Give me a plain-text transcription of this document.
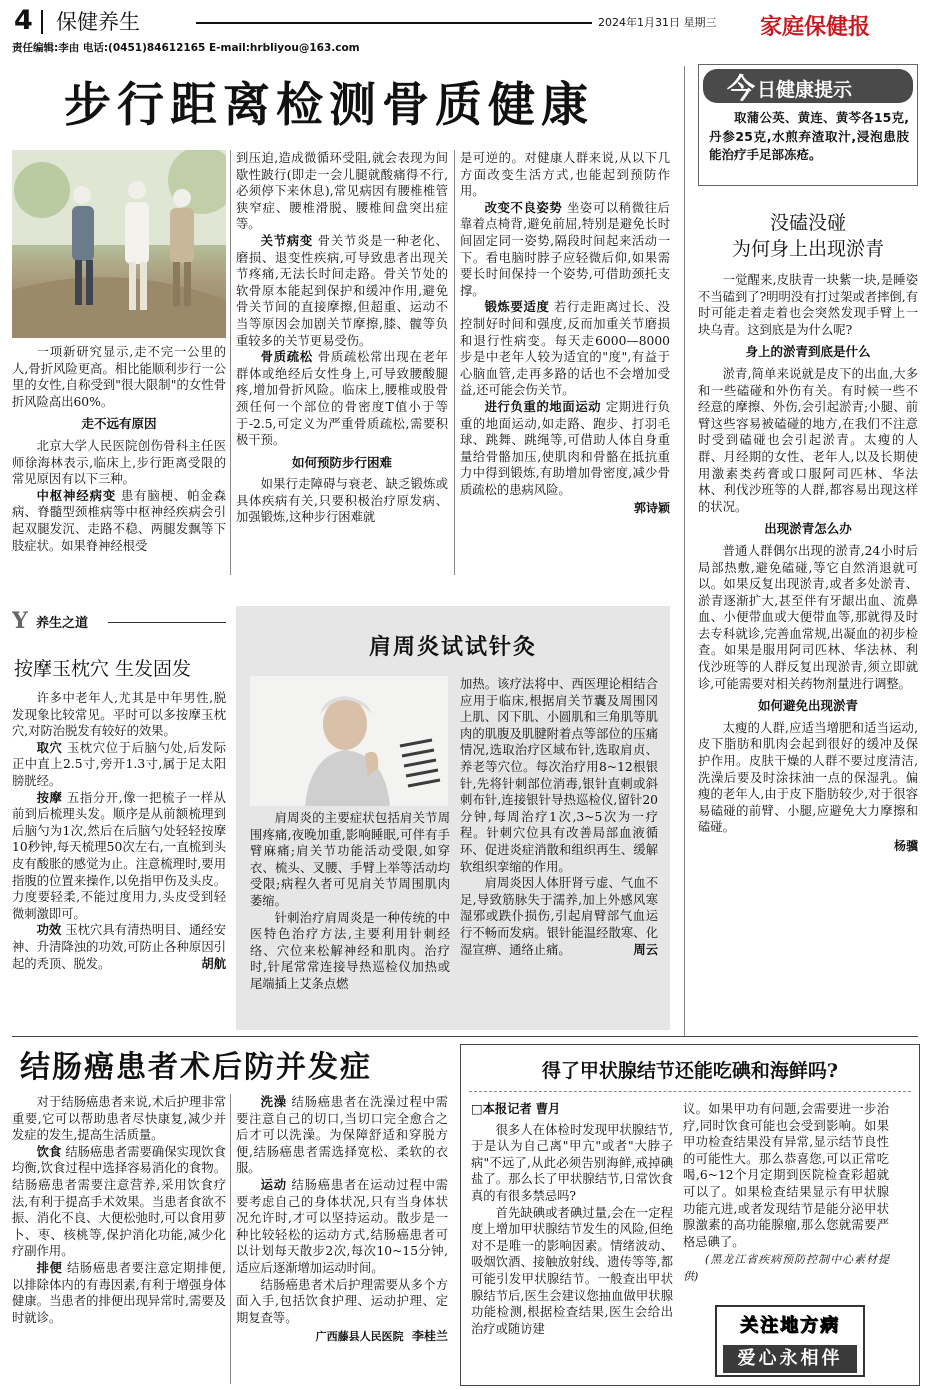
4 保健养生	2024年1月31日 星期三 家庭保健报
责任编辑:李由 电话:(0451)84612165 E-mail:hrbliyou@163.com
步行距离检测骨质健康

一项新研究显示,走不完一公里的人,骨折风险更高。相比能顺利步行一公里的女性,自称受到"很大限制"的女性骨折风险高出60%。

走不远有原因

北京大学人民医院创伤骨科主任医师徐海林表示,临床上,步行距离受限的常见原因有以下三种。

中枢神经病变 患有脑梗、帕金森病、脊髓型颈椎病等中枢神经疾病会引起双腿发沉、走路不稳、两腿发飘等下肢症状。如果脊神经根受

到压迫,造成微循环受阻,就会表现为间歇性跛行(即走一会儿腿就酸痛得不行,必须停下来休息),常见病因有腰椎椎管狭窄症、腰椎滑脱、腰椎间盘突出症等。

关节病变 骨关节炎是一种老化、磨损、退变性疾病,可导致患者出现关节疼痛,无法长时间走路。骨关节处的软骨原本能起到保护和缓冲作用,避免骨关节间的直接摩擦,但超重、运动不当等原因会加剧关节摩擦,膝、髋等负重较多的关节更易受伤。

骨质疏松 骨质疏松常出现在老年群体或绝经后女性身上,可导致腰酸腿疼,增加骨折风险。临床上,腰椎或股骨颈任何一个部位的骨密度T值小于等于-2.5,可定义为严重骨质疏松,需要积极干预。

如何预防步行困难

如果行走障碍与衰老、缺乏锻炼或具体疾病有关,只要积极治疗原发病、加强锻炼,这种步行困难就

是可逆的。对健康人群来说,从以下几方面改变生活方式,也能起到预防作用。

改变不良姿势 坐姿可以稍微往后靠着点椅背,避免前屈,特别是避免长时间固定同一姿势,隔段时间起来活动一下。看电脑时脖子应轻微后仰,如果需要长时间保持一个姿势,可借助颈托支撑。

锻炼要适度 若行走距离过长、没控制好时间和强度,反而加重关节磨损和退行性病变。每天走6000—8000步是中老年人较为适宜的"度",有益于心脑血管,走再多路的话也不会增加受益,还可能会伤关节。

进行负重的地面运动 定期进行负重的地面运动,如走路、跑步、打羽毛球、跳舞、跳绳等,可借助人体自身重量给骨骼加压,使肌肉和骨骼在抵抗重力中得到锻炼,有助增加骨密度,减少骨质疏松的患病风险。

郭诗颖
今 日健康提示
取蒲公英、黄连、黄芩各15克,丹参25克,水煎弃渣取汁,浸泡患肢能治疗手足部冻疮。
没磕没碰
为何身上出现淤青

一觉醒来,皮肤青一块紫一块,是睡姿不当磕到了?明明没有打过架或者摔倒,有时可能走着走着也会突然发现手臂上一块乌青。这到底是为什么呢?

身上的淤青到底是什么

淤青,简单来说就是皮下的出血,大多和一些磕碰和外伤有关。有时候一些不经意的摩擦、外伤,会引起淤青;小腿、前臂这些容易被磕碰的地方,在我们不注意时受到磕碰也会引起淤青。太瘦的人群、月经期的女性、老年人,以及长期使用激素类药膏或口服阿司匹林、华法林、利伐沙班等的人群,都容易出现这样的状况。

出现淤青怎么办

普通人群偶尔出现的淤青,24小时后局部热敷,避免磕碰,等它自然消退就可以。如果反复出现淤青,或者多处淤青、淤青逐渐扩大,甚至伴有牙龈出血、流鼻血、小便带血或大便带血等,那就得及时去专科就诊,完善血常规,出凝血的初步检查。如果是服用阿司匹林、华法林、利伐沙班等的人群反复出现淤青,须立即就诊,可能需要对相关药物剂量进行调整。

如何避免出现淤青

太瘦的人群,应适当增肥和适当运动,皮下脂肪和肌肉会起到很好的缓冲及保护作用。皮肤干燥的人群不要过度清洁,洗澡后要及时涂抹油一点的保湿乳。偏瘦的老年人,由于皮下脂肪较少,对于很容易磕碰的前臂、小腿,应避免大力摩擦和磕碰。

杨骥
Y 养生之道
按摩玉枕穴 生发固发

许多中老年人,尤其是中年男性,脱发现象比较常见。平时可以多按摩玉枕穴,对防治脱发有较好的效果。

取穴 玉枕穴位于后脑勺处,后发际正中直上2.5寸,旁开1.3寸,属于足太阳膀胱经。

按摩 五指分开,像一把梳子一样从前到后梳理头发。顺序是从前额梳理到后脑勺为1次,然后在后脑勺处轻轻按摩10秒钟,每天梳理50次左右,一直梳到头皮有酸胀的感觉为止。注意梳理时,要用指腹的位置来操作,以免指甲伤及头皮。力度要轻柔,不能过度用力,头皮受到轻微刺激即可。

功效 玉枕穴具有清热明目、通经安神、升清降浊的功效,可防止各种原因引起的秃顶、脱发。	胡航

肩周炎试试针灸

肩周炎的主要症状包括肩关节周围疼痛,夜晚加重,影响睡眠,可伴有手臂麻痛;肩关节功能活动受限,如穿衣、梳头、叉腰、手臂上举等活动均受限;病程久者可见肩关节周围肌肉萎缩。

针刺治疗肩周炎是一种传统的中医特色治疗方法,主要利用针刺经络、穴位来松解神经和肌肉。治疗时,针尾常常连接导热巡检仪加热或尾端插上艾条点燃

加热。该疗法将中、西医理论相结合应用于临床,根据肩关节囊及周围冈上肌、冈下肌、小圆肌和三角肌等肌肉的肌腹及肌腱附着点等部位的压痛情况,选取治疗区域布针,选取肩贞、养老等穴位。每次治疗用8~12根银针,先将针刺部位消毒,银针直刺或斜刺布针,连接银针导热巡检仪,留针20分钟,每周治疗1次,3~5次为一疗程。针刺穴位具有改善局部血液循环、促进炎症消散和组织再生、缓解软组织挛缩的作用。

肩周炎因人体肝肾亏虚、气血不足,导致筋脉失于濡养,加上外感风寒湿邪或跌仆损伤,引起肩臂部气血运行不畅而发病。银针能温经散寒、化湿宣痹、通络止痛。	周云

结肠癌患者术后防并发症

对于结肠癌患者来说,术后护理非常重要,它可以帮助患者尽快康复,减少并发症的发生,提高生活质量。

饮食 结肠癌患者需要确保实现饮食均衡,饮食过程中选择容易消化的食物。结肠癌患者需要注意营养,采用饮食疗法,有利于提高手术效果。当患者食欲不振、消化不良、大便松弛时,可以食用萝卜、枣、核桃等,保护消化功能,减少化疗副作用。

排便 结肠癌患者要注意定期排便,以排除体内的有毒因素,有利于增强身体健康。当患者的排便出现异常时,需要及时就诊。

洗澡 结肠癌患者在洗澡过程中需要注意自己的切口,当切口完全愈合之后才可以洗澡。为保障舒适和穿脱方便,结肠癌患者需选择宽松、柔软的衣服。

运动 结肠癌患者在运动过程中需要考虑自己的身体状况,只有当身体状况允许时,才可以坚持运动。散步是一种比较轻松的运动方式,结肠癌患者可以计划每天散步2次,每次10~15分钟,适应后逐渐增加运动时间。

结肠癌患者术后护理需要从多个方面入手,包括饮食护理、运动护理、定期复查等。

广西藤县人民医院 李桂兰
得了甲状腺结节还能吃碘和海鲜吗?

□本报记者 曹月

很多人在体检时发现甲状腺结节,于是认为自己离"甲亢"或者"大脖子病"不远了,从此必须告别海鲜,戒掉碘盐了。那么长了甲状腺结节,日常饮食真的有很多禁忌吗?

首先缺碘或者碘过量,会在一定程度上增加甲状腺结节发生的风险,但绝对不是唯一的影响因素。情绪波动、吸烟饮酒、接触放射线、遗传等等,都可能引发甲状腺结节。一般查出甲状腺结节后,医生会建议您抽血做甲状腺功能检测,根据检查结果,医生会给出治疗或随访建

议。如果甲功有问题,会需要进一步治疗,同时饮食可能也会受到影响。如果甲功检查结果没有异常,显示结节良性的可能性大。那么恭喜您,可以正常吃喝,6~12个月定期到医院检查彩超就可以了。如果检查结果显示有甲状腺功能亢进,或者发现结节是能分泌甲状腺激素的高功能腺瘤,那么您就需要严格忌碘了。

(黑龙江省疾病预防控制中心素材提供)

关注地方病
爱心永相伴
